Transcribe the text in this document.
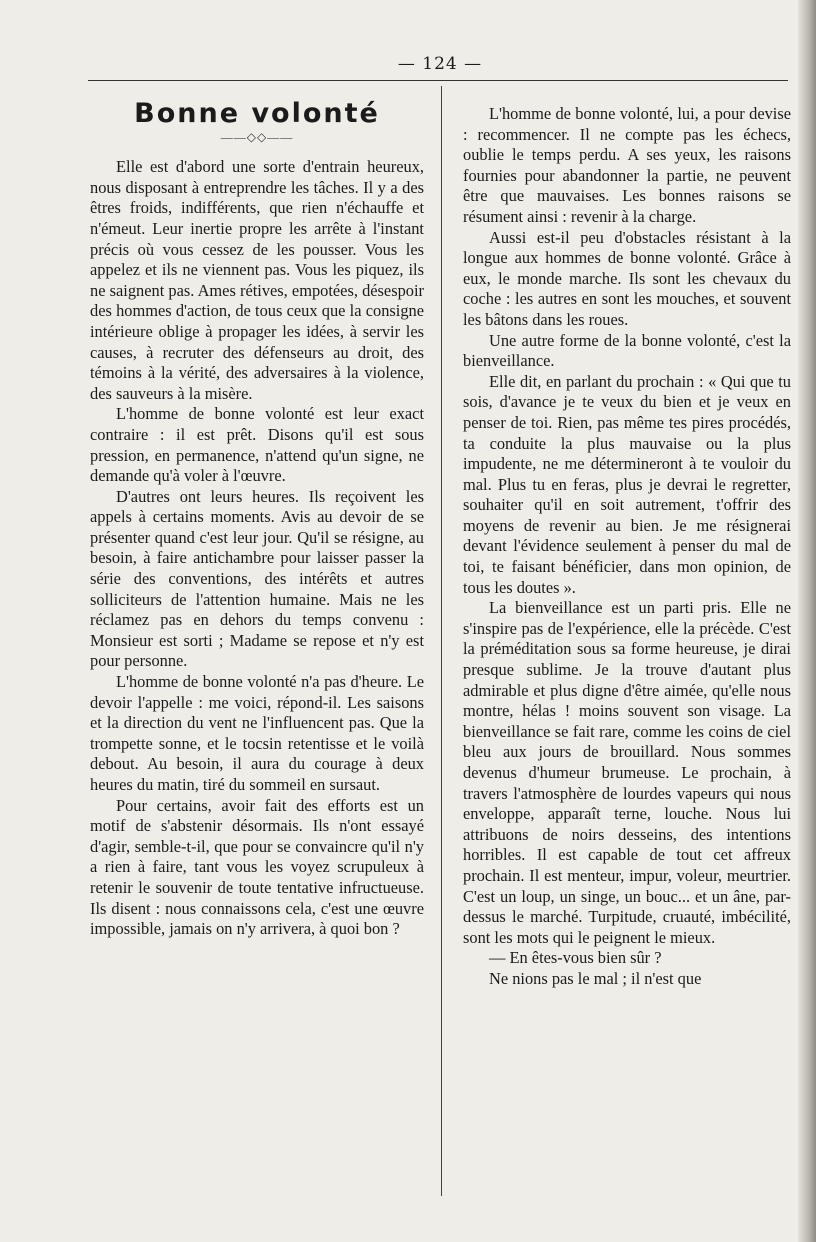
— 124 —
Bonne volonté
——◇◇——

Elle est d'abord une sorte d'entrain heureux, nous disposant à entreprendre les tâches. Il y a des êtres froids, indifférents, que rien n'échauffe et n'émeut. Leur inertie propre les arrête à l'instant précis où vous cessez de les pousser. Vous les appelez et ils ne viennent pas. Vous les piquez, ils ne saignent pas. Ames rétives, empotées, désespoir des hommes d'action, de tous ceux que la consigne intérieure oblige à propager les idées, à servir les causes, à recruter des défenseurs au droit, des témoins à la vérité, des adversaires à la violence, des sauveurs à la misère.

L'homme de bonne volonté est leur exact contraire : il est prêt. Disons qu'il est sous pression, en permanence, n'attend qu'un signe, ne demande qu'à voler à l'œuvre.

D'autres ont leurs heures. Ils reçoivent les appels à certains moments. Avis au devoir de se présenter quand c'est leur jour. Qu'il se résigne, au besoin, à faire antichambre pour laisser passer la série des conventions, des intérêts et autres solliciteurs de l'attention humaine. Mais ne les réclamez pas en dehors du temps convenu : Monsieur est sorti ; Madame se repose et n'y est pour personne.

L'homme de bonne volonté n'a pas d'heure. Le devoir l'appelle : me voici, répond-il. Les saisons et la direction du vent ne l'influencent pas. Que la trompette sonne, et le tocsin retentisse et le voilà debout. Au besoin, il aura du courage à deux heures du matin, tiré du sommeil en sursaut.

Pour certains, avoir fait des efforts est un motif de s'abstenir désormais. Ils n'ont essayé d'agir, semble-t-il, que pour se convaincre qu'il n'y a rien à faire, tant vous les voyez scrupuleux à retenir le souvenir de toute tentative infructueuse. Ils disent : nous connaissons cela, c'est une œuvre impossible, jamais on n'y arrivera, à quoi bon ?

L'homme de bonne volonté, lui, a pour devise : recommencer. Il ne compte pas les échecs, oublie le temps perdu. A ses yeux, les raisons fournies pour abandonner la partie, ne peuvent être que mauvaises. Les bonnes raisons se résument ainsi : revenir à la charge.

Aussi est-il peu d'obstacles résistant à la longue aux hommes de bonne volonté. Grâce à eux, le monde marche. Ils sont les chevaux du coche : les autres en sont les mouches, et souvent les bâtons dans les roues.

Une autre forme de la bonne volonté, c'est la bienveillance.

Elle dit, en parlant du prochain : « Qui que tu sois, d'avance je te veux du bien et je veux en penser de toi. Rien, pas même tes pires procédés, ta conduite la plus mauvaise ou la plus impudente, ne me détermineront à te vouloir du mal. Plus tu en feras, plus je devrai le regretter, souhaiter qu'il en soit autrement, t'offrir des moyens de revenir au bien. Je me résignerai devant l'évidence seulement à penser du mal de toi, te faisant bénéficier, dans mon opinion, de tous les doutes ».

La bienveillance est un parti pris. Elle ne s'inspire pas de l'expérience, elle la précède. C'est la préméditation sous sa forme heureuse, je dirai presque sublime. Je la trouve d'autant plus admirable et plus digne d'être aimée, qu'elle nous montre, hélas ! moins souvent son visage. La bienveillance se fait rare, comme les coins de ciel bleu aux jours de brouillard. Nous sommes devenus d'humeur brumeuse. Le prochain, à travers l'atmosphère de lourdes vapeurs qui nous enveloppe, apparaît terne, louche. Nous lui attribuons de noirs desseins, des intentions horribles. Il est capable de tout cet affreux prochain. Il est menteur, impur, voleur, meurtrier. C'est un loup, un singe, un bouc... et un âne, par-dessus le marché. Turpitude, cruauté, imbécilité, sont les mots qui le peignent le mieux.

— En êtes-vous bien sûr ?

Ne nions pas le mal ; il n'est que
